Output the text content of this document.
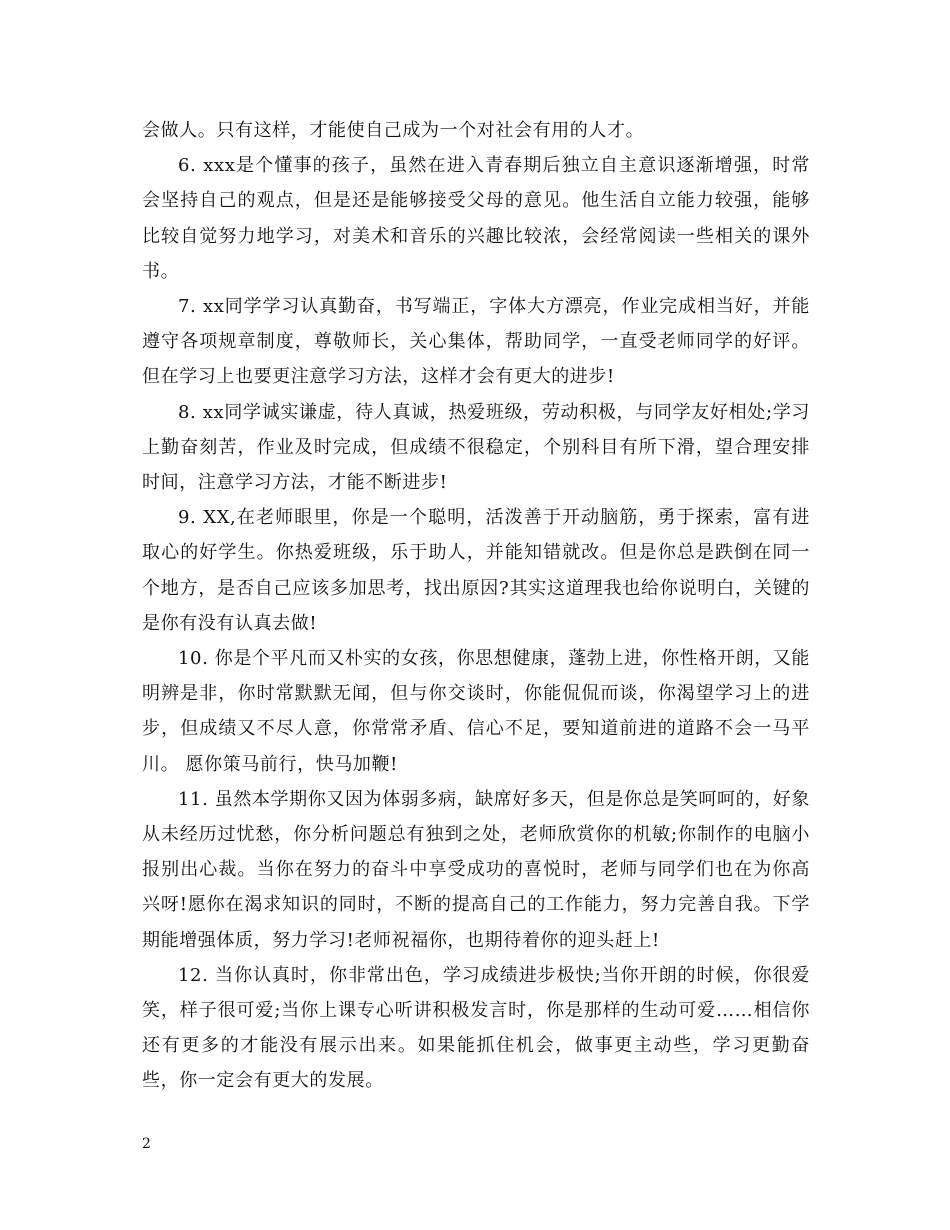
会做人。只有这样，才能使自己成为一个对社会有用的人才。

6. xxx是个懂事的孩子，虽然在进入青春期后独立自主意识逐渐增强，时常会坚持自己的观点，但是还是能够接受父母的意见。他生活自立能力较强，能够比较自觉努力地学习，对美术和音乐的兴趣比较浓，会经常阅读一些相关的课外书。

7. xx同学学习认真勤奋，书写端正，字体大方漂亮，作业完成相当好，并能遵守各项规章制度，尊敬师长，关心集体，帮助同学，一直受老师同学的好评。但在学习上也要更注意学习方法，这样才会有更大的进步!

8. xx同学诚实谦虚，待人真诚，热爱班级，劳动积极，与同学友好相处;学习上勤奋刻苦，作业及时完成，但成绩不很稳定，个别科目有所下滑，望合理安排时间，注意学习方法，才能不断进步!

9. XX,在老师眼里，你是一个聪明，活泼善于开动脑筋，勇于探索，富有进取心的好学生。你热爱班级，乐于助人，并能知错就改。但是你总是跌倒在同一个地方，是否自己应该多加思考，找出原因?其实这道理我也给你说明白，关键的是你有没有认真去做!

10. 你是个平凡而又朴实的女孩，你思想健康，蓬勃上进，你性格开朗，又能明辨是非，你时常默默无闻，但与你交谈时，你能侃侃而谈，你渴望学习上的进步，但成绩又不尽人意，你常常矛盾、信心不足，要知道前进的道路不会一马平川。 愿你策马前行，快马加鞭!

11. 虽然本学期你又因为体弱多病，缺席好多天，但是你总是笑呵呵的，好象从未经历过忧愁，你分析问题总有独到之处，老师欣赏你的机敏;你制作的电脑小报别出心裁。当你在努力的奋斗中享受成功的喜悦时，老师与同学们也在为你高兴呀!愿你在渴求知识的同时，不断的提高自己的工作能力，努力完善自我。下学期能增强体质，努力学习!老师祝福你，也期待着你的迎头赶上!

12. 当你认真时，你非常出色，学习成绩进步极快;当你开朗的时候，你很爱笑，样子很可爱;当你上课专心听讲积极发言时，你是那样的生动可爱……相信你还有更多的才能没有展示出来。如果能抓住机会，做事更主动些，学习更勤奋些，你一定会有更大的发展。

2
